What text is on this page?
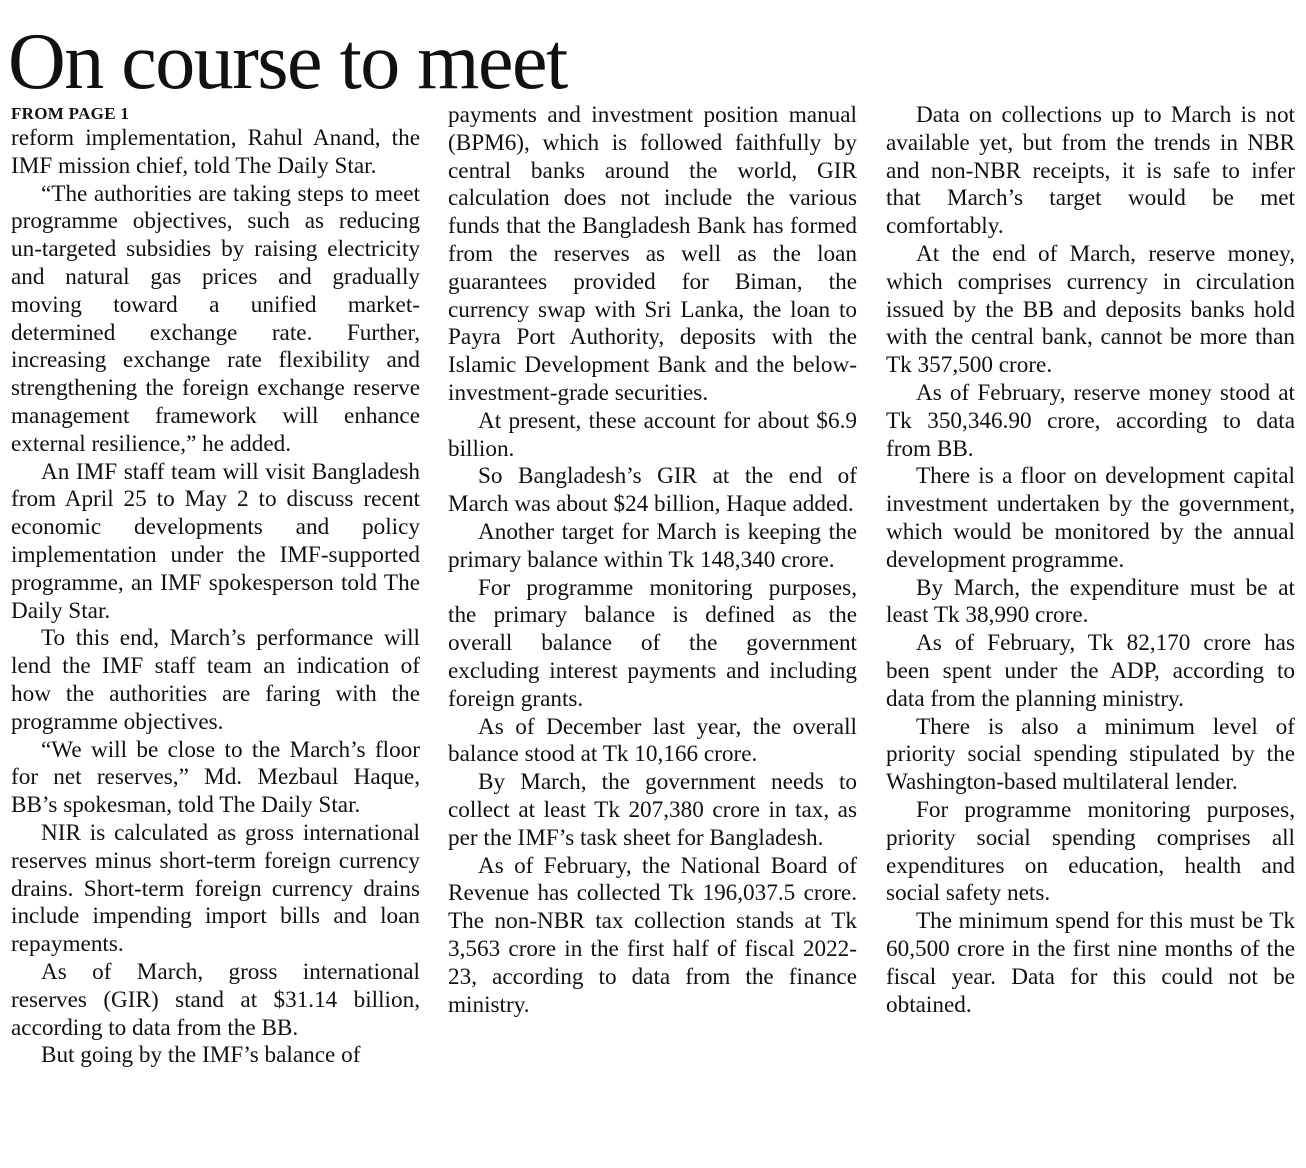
On course to meet
FROM PAGE 1

reform implementation, Rahul Anand, the IMF mission chief, told The Daily Star.

“The authorities are taking steps to meet programme objectives, such as reducing un-targeted subsidies by raising electricity and natural gas prices and gradually moving toward a unified market-determined exchange rate. Further, increasing exchange rate flexibility and strengthening the foreign exchange reserve management framework will enhance external resilience,” he added.

An IMF staff team will visit Bangladesh from April 25 to May 2 to discuss recent economic developments and policy implementation under the IMF-supported programme, an IMF spokesperson told The Daily Star.

To this end, March’s performance will lend the IMF staff team an indication of how the authorities are faring with the programme objectives.

“We will be close to the March’s floor for net reserves,” Md. Mezbaul Haque, BB’s spokesman, told The Daily Star.

NIR is calculated as gross international reserves minus short-term foreign currency drains. Short-term foreign currency drains include impending import bills and loan repayments.

As of March, gross international reserves (GIR) stand at $31.14 billion, according to data from the BB.

But going by the IMF’s balance of

payments and investment position manual (BPM6), which is followed faithfully by central banks around the world, GIR calculation does not include the various funds that the Bangladesh Bank has formed from the reserves as well as the loan guarantees provided for Biman, the currency swap with Sri Lanka, the loan to Payra Port Authority, deposits with the Islamic Development Bank and the below-investment-grade securities.

At present, these account for about $6.9 billion.

So Bangladesh’s GIR at the end of March was about $24 billion, Haque added.

Another target for March is keeping the primary balance within Tk 148,340 crore.

For programme monitoring purposes, the primary balance is defined as the overall balance of the government excluding interest payments and including foreign grants.

As of December last year, the overall balance stood at Tk 10,166 crore.

By March, the government needs to collect at least Tk 207,380 crore in tax, as per the IMF’s task sheet for Bangladesh.

As of February, the National Board of Revenue has collected Tk 196,037.5 crore. The non-NBR tax collection stands at Tk 3,563 crore in the first half of fiscal 2022-23, according to data from the finance ministry.

Data on collections up to March is not available yet, but from the trends in NBR and non-NBR receipts, it is safe to infer that March’s target would be met comfortably.

At the end of March, reserve money, which comprises currency in circulation issued by the BB and deposits banks hold with the central bank, cannot be more than Tk 357,500 crore.

As of February, reserve money stood at Tk 350,346.90 crore, according to data from BB.

There is a floor on development capital investment undertaken by the government, which would be monitored by the annual development programme.

By March, the expenditure must be at least Tk 38,990 crore.

As of February, Tk 82,170 crore has been spent under the ADP, according to data from the planning ministry.

There is also a minimum level of priority social spending stipulated by the Washington-based multilateral lender.

For programme monitoring purposes, priority social spending comprises all expenditures on education, health and social safety nets.

The minimum spend for this must be Tk 60,500 crore in the first nine months of the fiscal year. Data for this could not be obtained.
